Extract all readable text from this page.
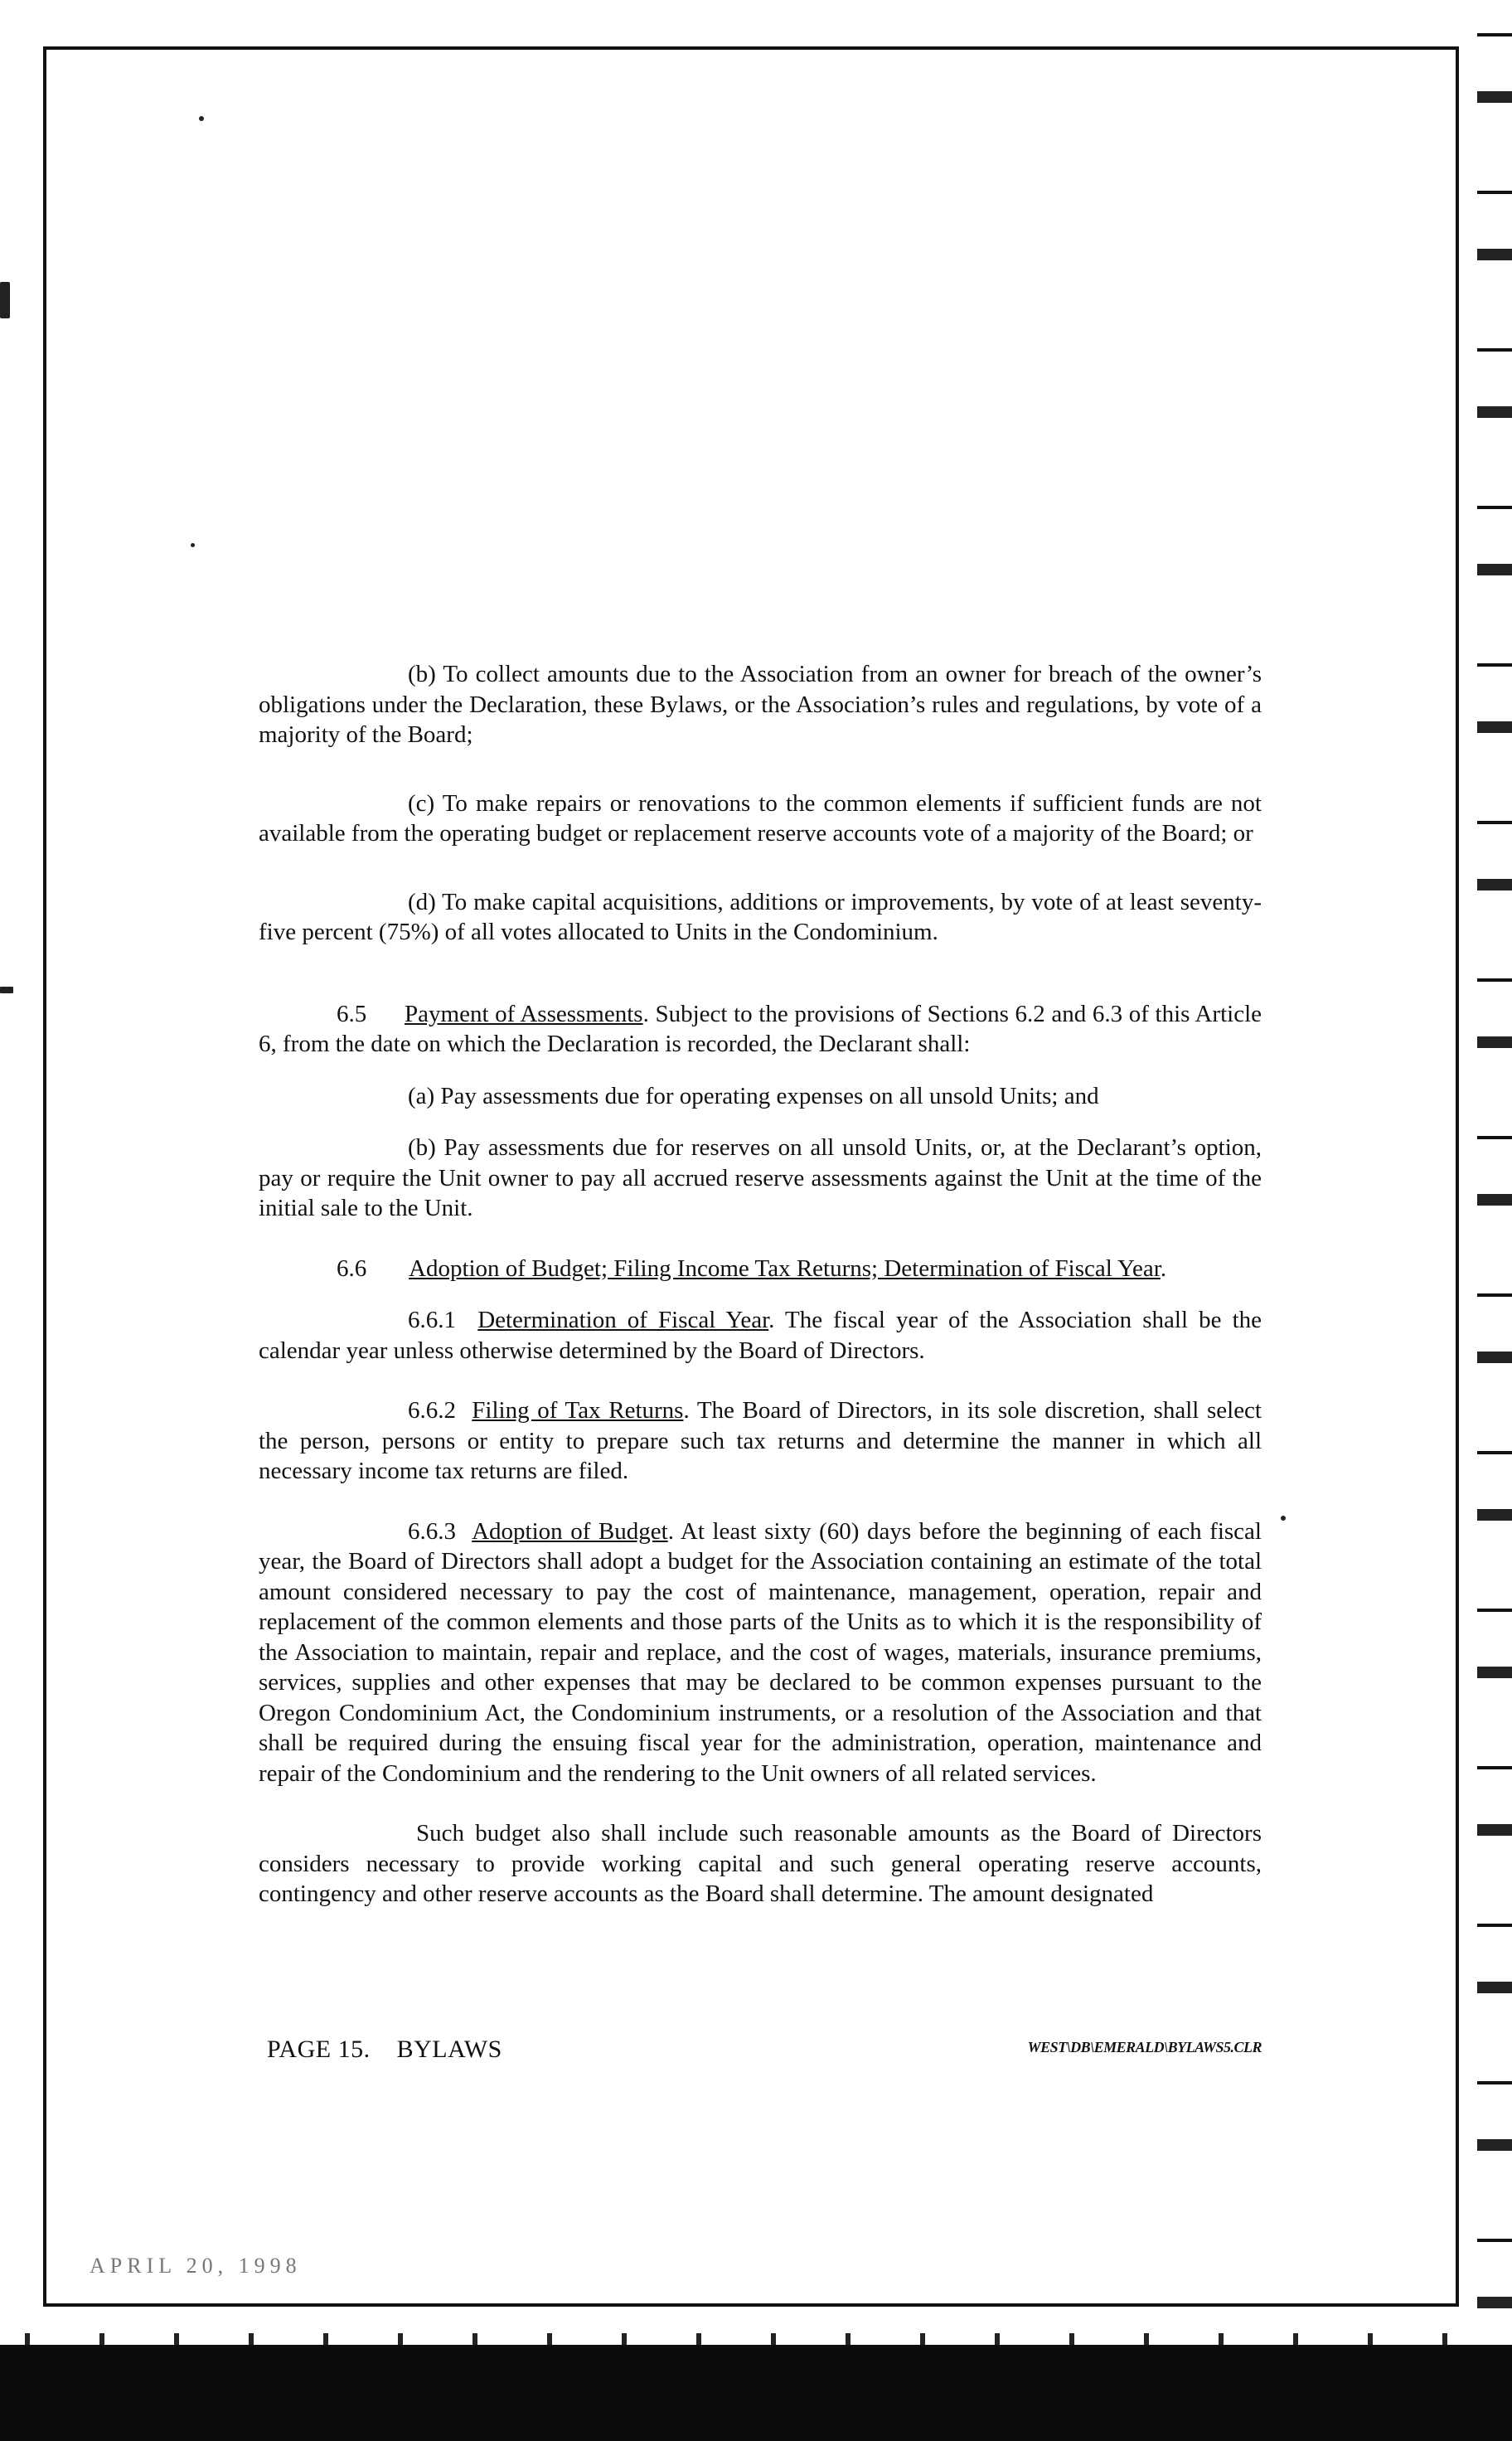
(b) To collect amounts due to the Association from an owner for breach of the owner’s obligations under the Declaration, these Bylaws, or the Association’s rules and regulations, by vote of a majority of the Board;

(c) To make repairs or renovations to the common elements if sufficient funds are not available from the operating budget or replacement reserve accounts vote of a majority of the Board; or

(d) To make capital acquisitions, additions or improvements, by vote of at least seventy-five percent (75%) of all votes allocated to Units in the Condominium.

6.5 Payment of Assessments. Subject to the provisions of Sections 6.2 and 6.3 of this Article 6, from the date on which the Declaration is recorded, the Declarant shall:

(a) Pay assessments due for operating expenses on all unsold Units; and

(b) Pay assessments due for reserves on all unsold Units, or, at the Declarant’s option, pay or require the Unit owner to pay all accrued reserve assessments against the Unit at the time of the initial sale to the Unit.

6.6 Adoption of Budget; Filing Income Tax Returns; Determination of Fiscal Year.

6.6.1 Determination of Fiscal Year. The fiscal year of the Association shall be the calendar year unless otherwise determined by the Board of Directors.

6.6.2 Filing of Tax Returns. The Board of Directors, in its sole discretion, shall select the person, persons or entity to prepare such tax returns and determine the manner in which all necessary income tax returns are filed.

6.6.3 Adoption of Budget. At least sixty (60) days before the beginning of each fiscal year, the Board of Directors shall adopt a budget for the Association containing an estimate of the total amount considered necessary to pay the cost of maintenance, management, operation, repair and replacement of the common elements and those parts of the Units as to which it is the responsibility of the Association to maintain, repair and replace, and the cost of wages, materials, insurance premiums, services, supplies and other expenses that may be declared to be common expenses pursuant to the Oregon Condominium Act, the Condominium instruments, or a resolution of the Association and that shall be required during the ensuing fiscal year for the administration, operation, maintenance and repair of the Condominium and the rendering to the Unit owners of all related services.

Such budget also shall include such reasonable amounts as the Board of Directors considers necessary to provide working capital and such general operating reserve accounts, contingency and other reserve accounts as the Board shall determine. The amount designated

PAGE 15. BYLAWS	WEST\DB\EMERALD\BYLAWS5.CLR
APRIL 20, 1998
